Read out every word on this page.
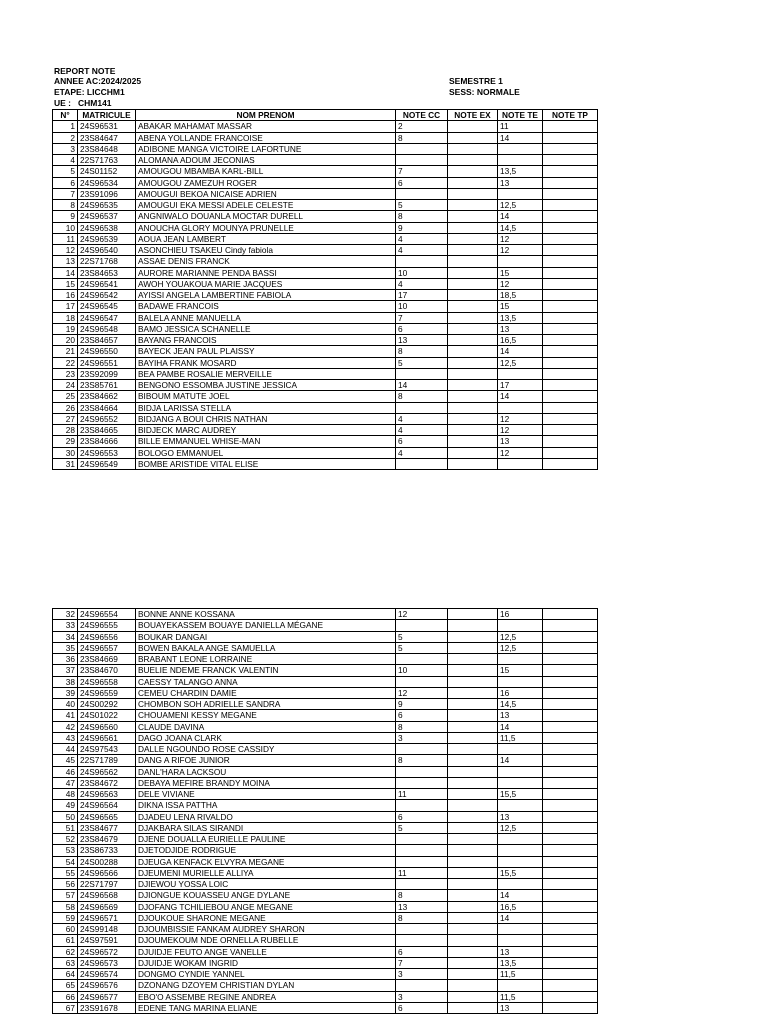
REPORT NOTE
ANNEE AC:2024/2025
ETAPE: LICCHM1
UE : CHM141
SEMESTRE 1
SESS: NORMALE
N°	MATRICULE	NOM PRENOM	NOTE CC	NOTE EX	NOTE TE	NOTE TP
1	24S96531	ABAKAR MAHAMAT MASSAR	2		11	
2	23S84647	ABENA YOLLANDE FRANCOISE	8		14	
3	23S84648	ADIBONE MANGA VICTOIRE LAFORTUNE				
4	22S71763	ALOMANA ADOUM JECONIAS				
5	24S01152	AMOUGOU MBAMBA KARL-BILL	7		13,5	
6	24S96534	AMOUGOU ZAMEZUH ROGER	6		13	
7	23S91096	AMOUGUI BEKOA NICAISE ADRIEN				
8	24S96535	AMOUGUI EKA MESSI ADELE CELESTE	5		12,5	
9	24S96537	ANGNIWALO DOUANLA MOCTAR DURELL	8		14	
10	24S96538	ANOUCHA GLORY MOUNYA PRUNELLE	9		14,5	
11	24S96539	AOUA JEAN LAMBERT	4		12	
12	24S96540	ASONCHIEU TSAKEU Cindy fabiola	4		12	
13	22S71768	ASSAE DENIS FRANCK				
14	23S84653	AURORE MARIANNE PENDA BASSI	10		15	
15	24S96541	AWOH YOUAKOUA MARIE JACQUES	4		12	
16	24S96542	AYISSI ANGELA LAMBERTINE FABIOLA	17		18,5	
17	24S96545	BADAWE FRANCOIS	10		15	
18	24S96547	BALELA ANNE MANUELLA	7		13,5	
19	24S96548	BAMO JESSICA SCHANELLE	6		13	
20	23S84657	BAYANG FRANCOIS	13		16,5	
21	24S96550	BAYECK JEAN PAUL PLAISSY	8		14	
22	24S96551	BAYIHA FRANK MOSARD	5		12,5	
23	23S92099	BEA PAMBE ROSALIE MERVEILLE				
24	23S85761	BENGONO ESSOMBA JUSTINE JESSICA	14		17	
25	23S84662	BIBOUM MATUTE JOEL	8		14	
26	23S84664	BIDJA LARISSA STELLA				
27	24S96552	BIDJANG A BOUI CHRIS NATHAN	4		12	
28	23S84665	BIDJECK MARC AUDREY	4		12	
29	23S84666	BILLE EMMANUEL WHISE-MAN	6		13	
30	24S96553	BOLOGO EMMANUEL	4		12	
31	24S96549	BOMBE ARISTIDE VITAL ELISE				
32	24S96554	BONNE ANNE KOSSANA	12		16	
33	24S96555	BOUAYEKASSEM BOUAYE DANIELLA MÉGANE				
34	24S96556	BOUKAR DANGAI	5		12,5	
35	24S96557	BOWEN BAKALA ANGE SAMUELLA	5		12,5	
36	23S84669	BRABANT LEONE LORRAINE				
37	23S84670	BUELIE NDEME FRANCK VALENTIN	10		15	
38	24S96558	CAESSY TALANGO ANNA				
39	24S96559	CEMEU CHARDIN DAMIE	12		16	
40	24S00292	CHOMBON SOH ADRIELLE SANDRA	9		14,5	
41	24S01022	CHOUAMENI KESSY MEGANE	6		13	
42	24S96560	CLAUDE DAVINA	8		14	
43	24S96561	DAGO JOANA CLARK	3		11,5	
44	24S97543	DALLE NGOUNDO ROSE CASSIDY				
45	22S71789	DANG A RIFOE JUNIOR	8		14	
46	24S96562	DANL'HARA LACKSOU				
47	23S84672	DEBAYA MEFIRE BRANDY MOINA				
48	24S96563	DELE VIVIANE	11		15,5	
49	24S96564	DIKNA ISSA PATTHA				
50	24S96565	DJADEU LENA RIVALDO	6		13	
51	23S84677	DJAKBARA SILAS SIRANDI	5		12,5	
52	23S84679	DJENE DOUALLA EURIELLE PAULINE				
53	23S86733	DJETODJIDE RODRIGUE				
54	24S00288	DJEUGA KENFACK ELVYRA MEGANE				
55	24S96566	DJEUMENI MURIELLE ALLIYA	11		15,5	
56	22S71797	DJIEWOU YOSSA LOIC				
57	24S96568	DJIONGUE KOUASSEU ANGE DYLANE	8		14	
58	24S96569	DJOFANG TCHILIEBOU ANGE MEGANE	13		16,5	
59	24S96571	DJOUKOUE SHARONE MEGANE	8		14	
60	24S99148	DJOUMBISSIE FANKAM AUDREY SHARON				
61	24S97591	DJOUMEKOUM NDE ORNELLA RUBELLE				
62	24S96572	DJUIDJE FEUTO ANGE VANELLE	6		13	
63	24S96573	DJUIDJE WOKAM INGRID	7		13,5	
64	24S96574	DONGMO CYNDIE YANNEL	3		11,5	
65	24S96576	DZONANG DZOYEM CHRISTIAN DYLAN				
66	24S96577	EBO'O ASSEMBE REGINE ANDREA	3		11,5	
67	23S91678	EDENE TANG MARINA ELIANE	6		13	
